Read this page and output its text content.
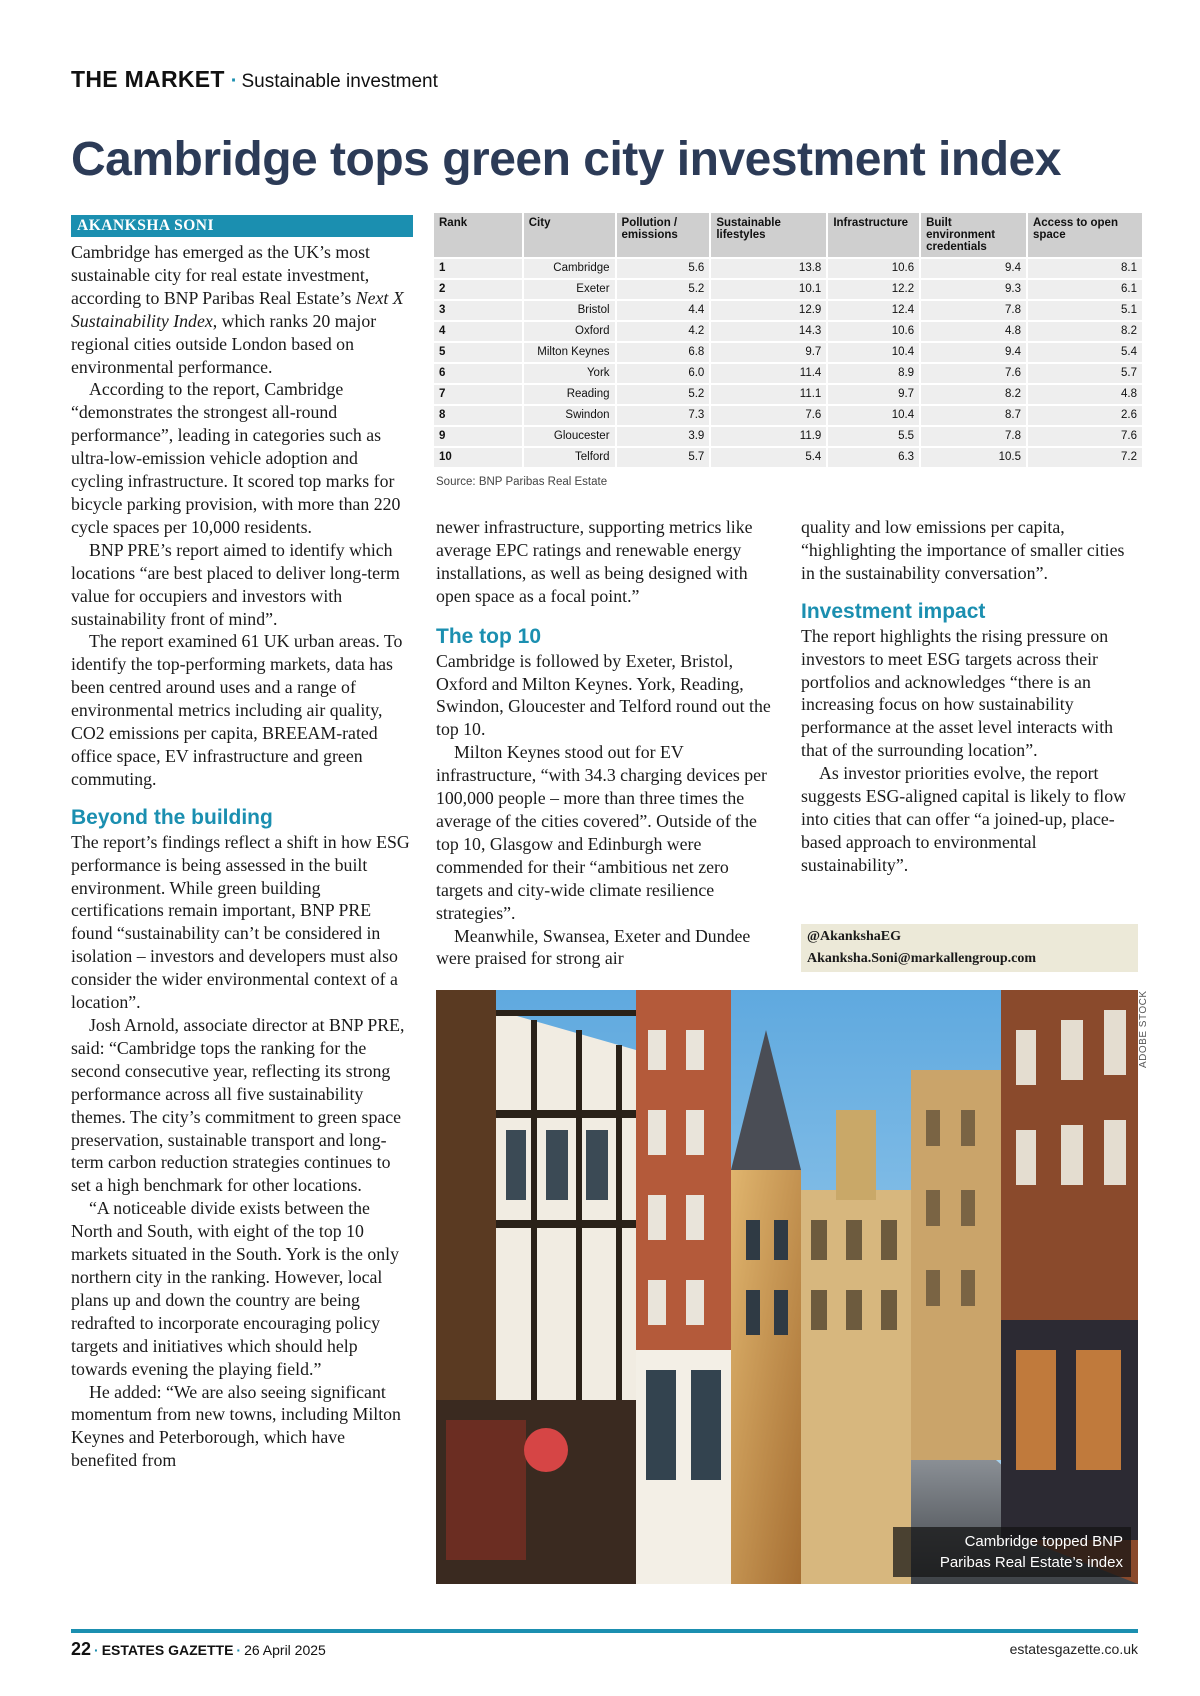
THE MARKET · Sustainable investment
Cambridge tops green city investment index
AKANKSHA SONI

Cambridge has emerged as the UK’s most sustainable city for real estate investment, according to BNP Paribas Real Estate’s Next X Sustainability Index, which ranks 20 major regional cities outside London based on environmental performance.

According to the report, Cambridge “demonstrates the strongest all-round performance”, leading in categories such as ultra-low-emission vehicle adoption and cycling infrastructure. It scored top marks for bicycle parking provision, with more than 220 cycle spaces per 10,000 residents.

BNP PRE’s report aimed to identify which locations “are best placed to deliver long-term value for occupiers and investors with sustainability front of mind”.

The report examined 61 UK urban areas. To identify the top-performing markets, data has been centred around uses and a range of environmental metrics including air quality, CO2 emissions per capita, BREEAM-rated office space, EV infrastructure and green commuting.

Beyond the building

The report’s findings reflect a shift in how ESG performance is being assessed in the built environment. While green building certifications remain important, BNP PRE found “sustainability can’t be considered in isolation – investors and developers must also consider the wider environmental context of a location”.

Josh Arnold, associate director at BNP PRE, said: “Cambridge tops the ranking for the second consecutive year, reflecting its strong performance across all five sustainability themes. The city’s commitment to green space preservation, sustainable transport and long-term carbon reduction strategies continues to set a high benchmark for other locations.

“A noticeable divide exists between the North and South, with eight of the top 10 markets situated in the South. York is the only northern city in the ranking. However, local plans up and down the country are being redrafted to incorporate encouraging policy targets and initiatives which should help towards evening the playing field.”

He added: “We are also seeing significant momentum from new towns, including Milton Keynes and Peterborough, which have benefited from

Rank	City	Pollution / emissions	Sustainable lifestyles	Infrastructure	Built environment credentials	Access to open space
1	Cambridge	5.6	13.8	10.6	9.4	8.1
2	Exeter	5.2	10.1	12.2	9.3	6.1
3	Bristol	4.4	12.9	12.4	7.8	5.1
4	Oxford	4.2	14.3	10.6	4.8	8.2
5	Milton Keynes	6.8	9.7	10.4	9.4	5.4
6	York	6.0	11.4	8.9	7.6	5.7
7	Reading	5.2	11.1	9.7	8.2	4.8
8	Swindon	7.3	7.6	10.4	8.7	2.6
9	Gloucester	3.9	11.9	5.5	7.8	7.6
10	Telford	5.7	5.4	6.3	10.5	7.2
Source: BNP Paribas Real Estate

newer infrastructure, supporting metrics like average EPC ratings and renewable energy installations, as well as being designed with open space as a focal point.”

The top 10

Cambridge is followed by Exeter, Bristol, Oxford and Milton Keynes. York, Reading, Swindon, Gloucester and Telford round out the top 10.

Milton Keynes stood out for EV infrastructure, “with 34.3 charging devices per 100,000 people – more than three times the average of the cities covered”. Outside of the top 10, Glasgow and Edinburgh were commended for their “ambitious net zero targets and city-wide climate resilience strategies”.

Meanwhile, Swansea, Exeter and Dundee were praised for strong air

quality and low emissions per capita, “highlighting the importance of smaller cities in the sustainability conversation”.

Investment impact

The report highlights the rising pressure on investors to meet ESG targets across their portfolios and acknowledges “there is an increasing focus on how sustainability performance at the asset level interacts with that of the surrounding location”.

As investor priorities evolve, the report suggests ESG-aligned capital is likely to flow into cities that can offer “a joined-up, place-based approach to environmental sustainability”.

@AkankshaEG
Akanksha.Soni@markallengroup.com
ADOBE STOCK
Cambridge topped BNP
Paribas Real Estate’s index
22 · ESTATES GAZETTE · 26 April 2025	estatesgazette.co.uk
